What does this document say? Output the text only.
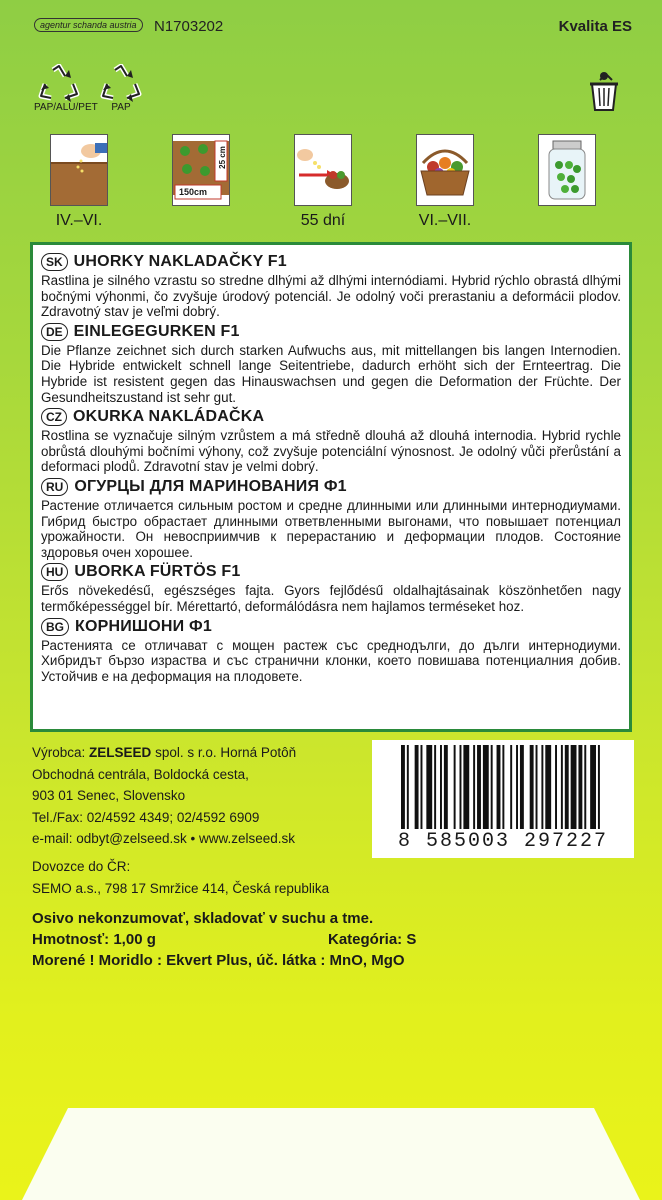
agentur schanda austria	N1703202	Kvalita ES
PAP/ALU/PET	PAP
IV.–VI.
150cm
25 cm
55 dní	VI.–VII.
SK UHORKY NAKLADAČKY F1
Rastlina je silného vzrastu so stredne dlhými až dlhými internódiami. Hybrid rýchlo obrastá dlhými bočnými výhonmi, čo zvyšuje úrodový potenciál. Je odolný voči prerastaniu a deformácii plodov. Zdravotný stav je veľmi dobrý.
DE EINLEGEGURKEN F1
Die Pflanze zeichnet sich durch starken Aufwuchs aus, mit mittellangen bis langen Internodien. Die Hybride entwickelt schnell lange Seitentriebe, dadurch erhöht sich der Ernteertrag. Die Hybride ist resistent gegen das Hinauswachsen und gegen die Deformation der Früchte. Der Gesundheitszustand ist sehr gut.
CZ OKURKA NAKLÁDAČKA
Rostlina se vyznačuje silným vzrůstem a má středně dlouhá až dlouhá internodia. Hybrid rychle obrůstá dlouhými bočními výhony, což zvyšuje potenciální výnosnost. Je odolný vůči přerůstání a deformaci plodů. Zdravotní stav je velmi dobrý.
RU ОГУРЦЫ ДЛЯ МАРИНОВАНИЯ Ф1
Растение отличается сильным ростом и средне длинными или длинными интернодиумами. Гибрид быстро обрастает длинными ответвленными выгонами, что повышает потенциал урожайности. Он невосприимчив к перерастанию и деформации плодов. Состояние здоровья очен хорошее.
HU UBORKA FÜRTÖS F1
Erős növekedésű, egészséges fajta. Gyors fejlődésű oldalhajtásainak köszönhetően nagy termőképességgel bír. Mérettartó, deformálódásra nem hajlamos terméseket hoz.
BG КОРНИШОНИ Ф1
Растенията се отличават с мощен растеж със среднодълги, до дълги интернодиуми. Хибридът бързо израства и със странични клонки, което повишава потенциалния добив. Устойчив е на деформация на плодовете.
Výrobca: ZELSEED spol. s r.o. Horná Potôň
Obchodná centrála, Boldocká cesta,
903 01 Senec, Slovensko
Tel./Fax: 02/4592 4349; 02/4592 6909
e-mail: odbyt@zelseed.sk • www.zelseed.sk
Dovozce do ČR:
SEMO a.s., 798 17 Smržice 414, Česká republika
8 585003 297227
Osivo nekonzumovať, skladovať v suchu a tme.
Hmotnosť: 1,00 g	Kategória: S
Morené ! Moridlo : Ekvert Plus, úč. látka : MnO, MgO
